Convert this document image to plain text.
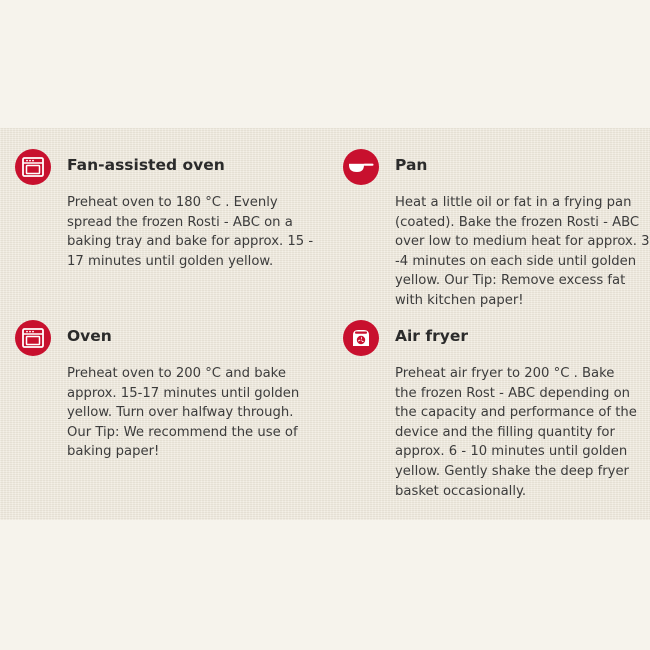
Fan-assisted oven
Preheat oven to 180 °C . Evenly spread the frozen Rosti - ABC on a baking tray and bake for approx. 15 - 17 minutes until golden yellow.
Pan
Heat a little oil or fat in a frying pan (coated). Bake the frozen Rosti - ABC over low to medium heat for approx. 3 -4 minutes on each side until golden yellow. Our Tip: Remove excess fat with kitchen paper!
Oven
Preheat oven to 200 °C and bake approx. 15-17 minutes until golden yellow. Turn over halfway through. Our Tip: We recommend the use of baking paper!
Air fryer
Preheat air fryer to 200 °C . Bake the frozen Rost - ABC depending on the capacity and performance of the device and the filling quantity for approx. 6 - 10 minutes until golden yellow. Gently shake the deep fryer basket occasionally.
